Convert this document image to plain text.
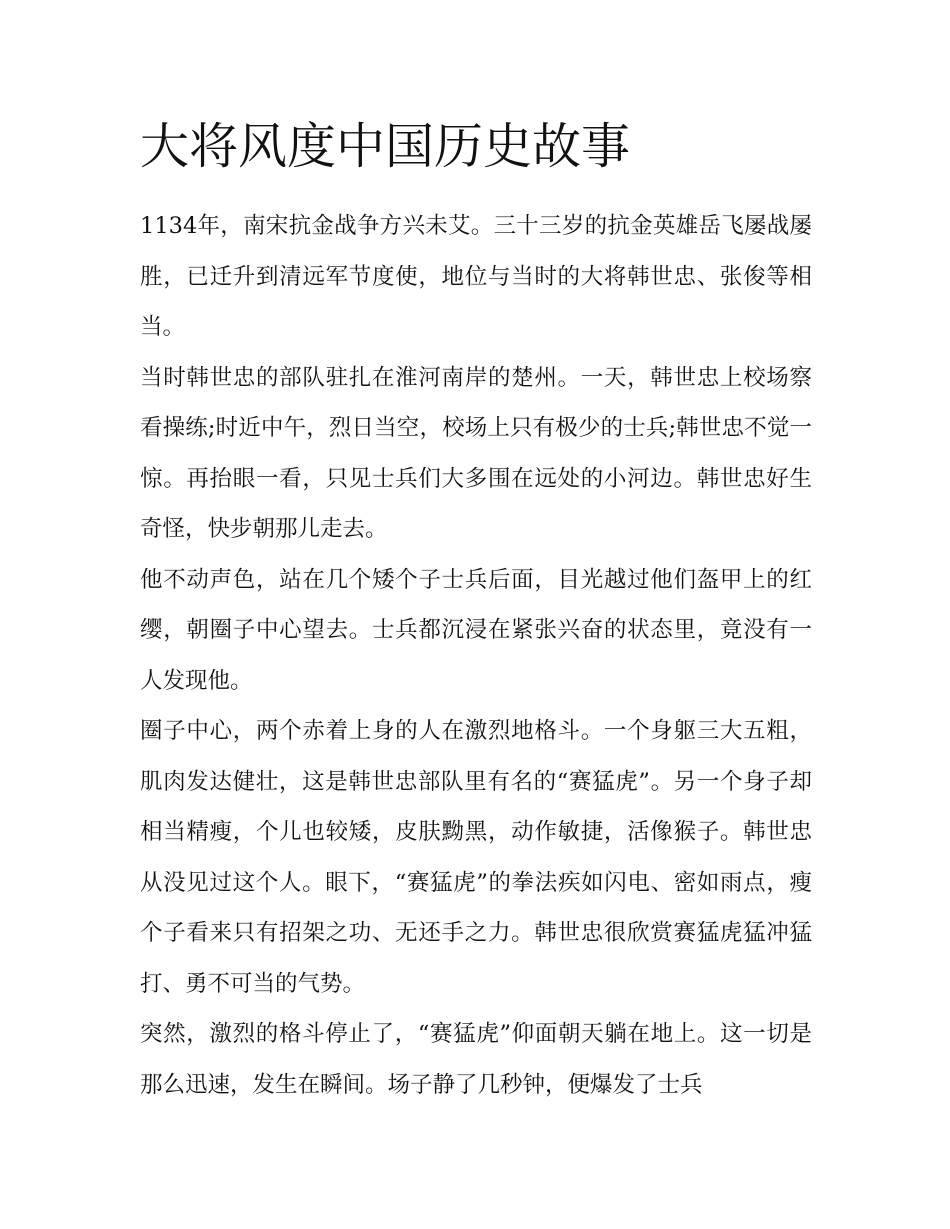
大将风度中国历史故事

1134年，南宋抗金战争方兴未艾。三十三岁的抗金英雄岳飞屡战屡胜，已迁升到清远军节度使，地位与当时的大将韩世忠、张俊等相当。

当时韩世忠的部队驻扎在淮河南岸的楚州。一天，韩世忠上校场察看操练;时近中午，烈日当空，校场上只有极少的士兵;韩世忠不觉一惊。再抬眼一看，只见士兵们大多围在远处的小河边。韩世忠好生奇怪，快步朝那儿走去。

他不动声色，站在几个矮个子士兵后面，目光越过他们盔甲上的红缨，朝圈子中心望去。士兵都沉浸在紧张兴奋的状态里，竟没有一人发现他。

圈子中心，两个赤着上身的人在激烈地格斗。一个身躯三大五粗，肌肉发达健壮，这是韩世忠部队里有名的“赛猛虎”。另一个身子却相当精瘦，个儿也较矮，皮肤黝黑，动作敏捷，活像猴子。韩世忠从没见过这个人。眼下，“赛猛虎”的拳法疾如闪电、密如雨点，瘦个子看来只有招架之功、无还手之力。韩世忠很欣赏赛猛虎猛冲猛打、勇不可当的气势。

突然，激烈的格斗停止了，“赛猛虎”仰面朝天躺在地上。这一切是那么迅速，发生在瞬间。场子静了几秒钟，便爆发了士兵
